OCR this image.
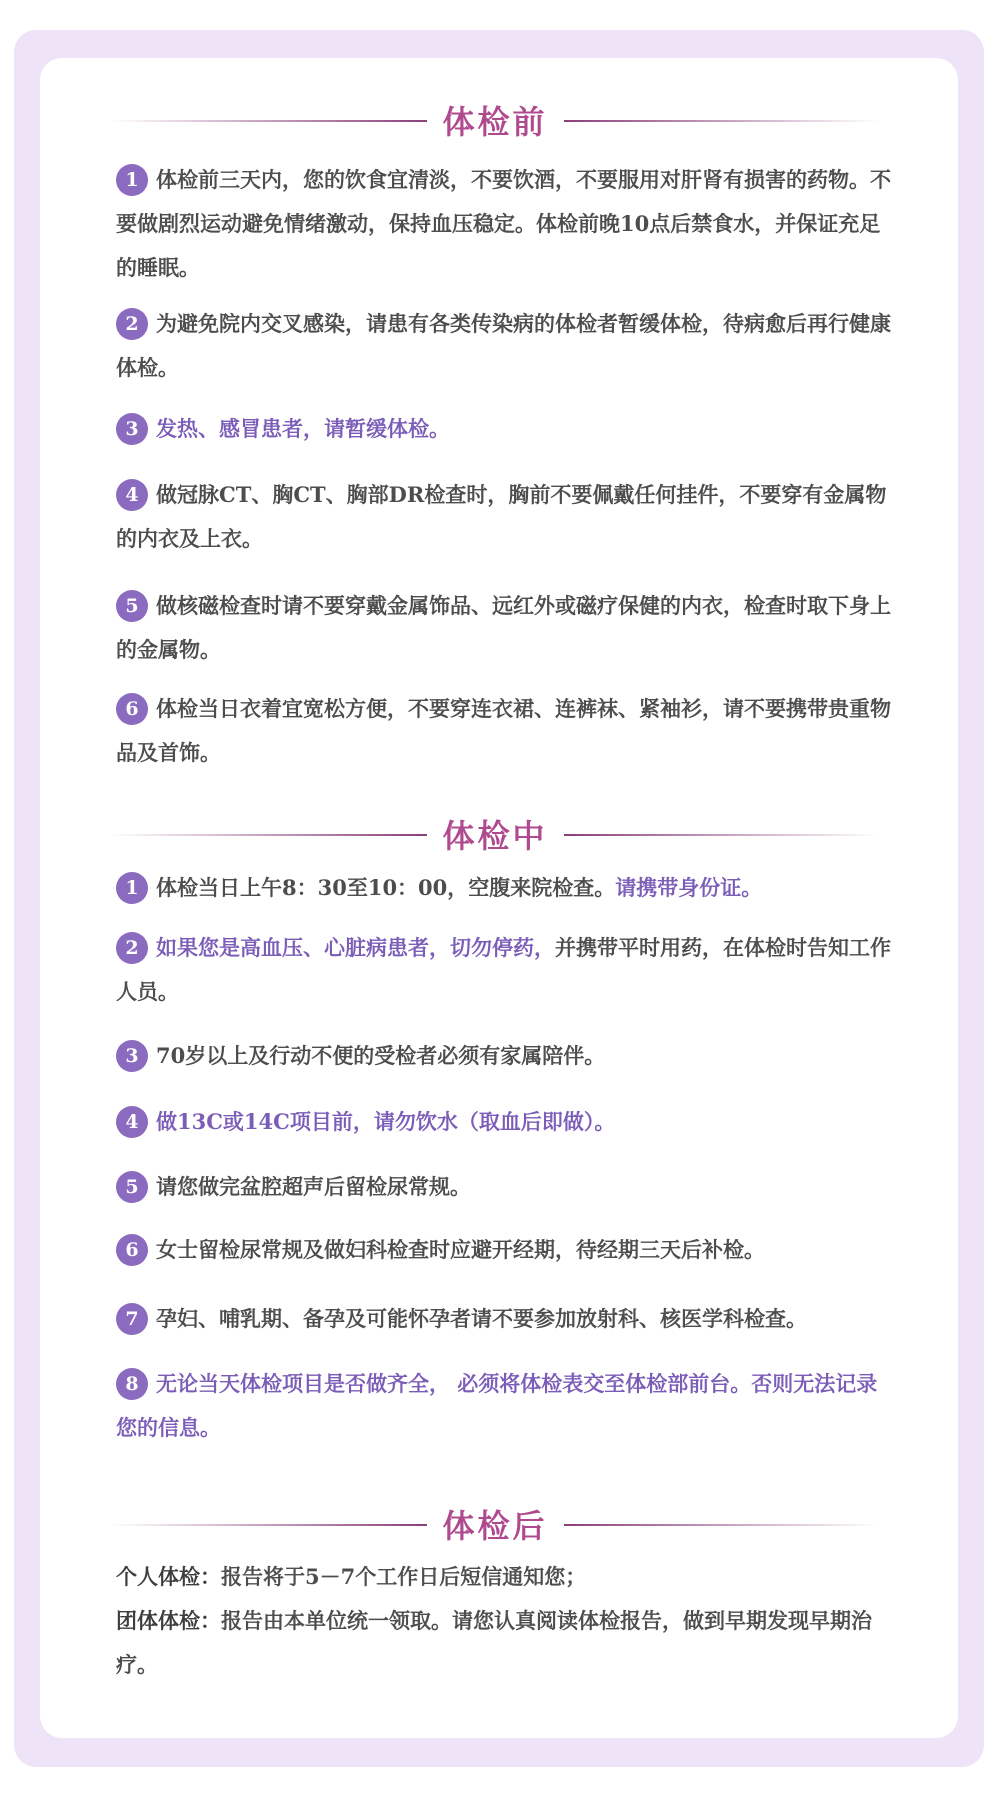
体检前
1 体检前三天内，您的饮食宜清淡，不要饮酒，不要服用对肝肾有损害的药物。不要做剧烈运动避免情绪激动，保持血压稳定。体检前晚10点后禁食水，并保证充足的睡眠。
2 为避免院内交叉感染，请患有各类传染病的体检者暂缓体检，待病愈后再行健康体检。
3 发热、感冒患者，请暂缓体检。
4 做冠脉CT、胸CT、胸部DR检查时，胸前不要佩戴任何挂件，不要穿有金属物的内衣及上衣。
5 做核磁检查时请不要穿戴金属饰品、远红外或磁疗保健的内衣，检查时取下身上的金属物。
6 体检当日衣着宜宽松方便，不要穿连衣裙、连裤袜、紧袖衫，请不要携带贵重物品及首饰。
体检中
1 体检当日上午8：30至10：00，空腹来院检查。请携带身份证。
2 如果您是高血压、心脏病患者，切勿停药，并携带平时用药，在体检时告知工作人员。
3 70岁以上及行动不便的受检者必须有家属陪伴。
4 做13C或14C项目前，请勿饮水（取血后即做）。
5 请您做完盆腔超声后留检尿常规。
6 女士留检尿常规及做妇科检查时应避开经期，待经期三天后补检。
7 孕妇、哺乳期、备孕及可能怀孕者请不要参加放射科、核医学科检查。
8 无论当天体检项目是否做齐全， 必须将体检表交至体检部前台。否则无法记录您的信息。
体检后
个人体检：报告将于5－7个工作日后短信通知您；
团体体检：报告由本单位统一领取。请您认真阅读体检报告，做到早期发现早期治疗。
